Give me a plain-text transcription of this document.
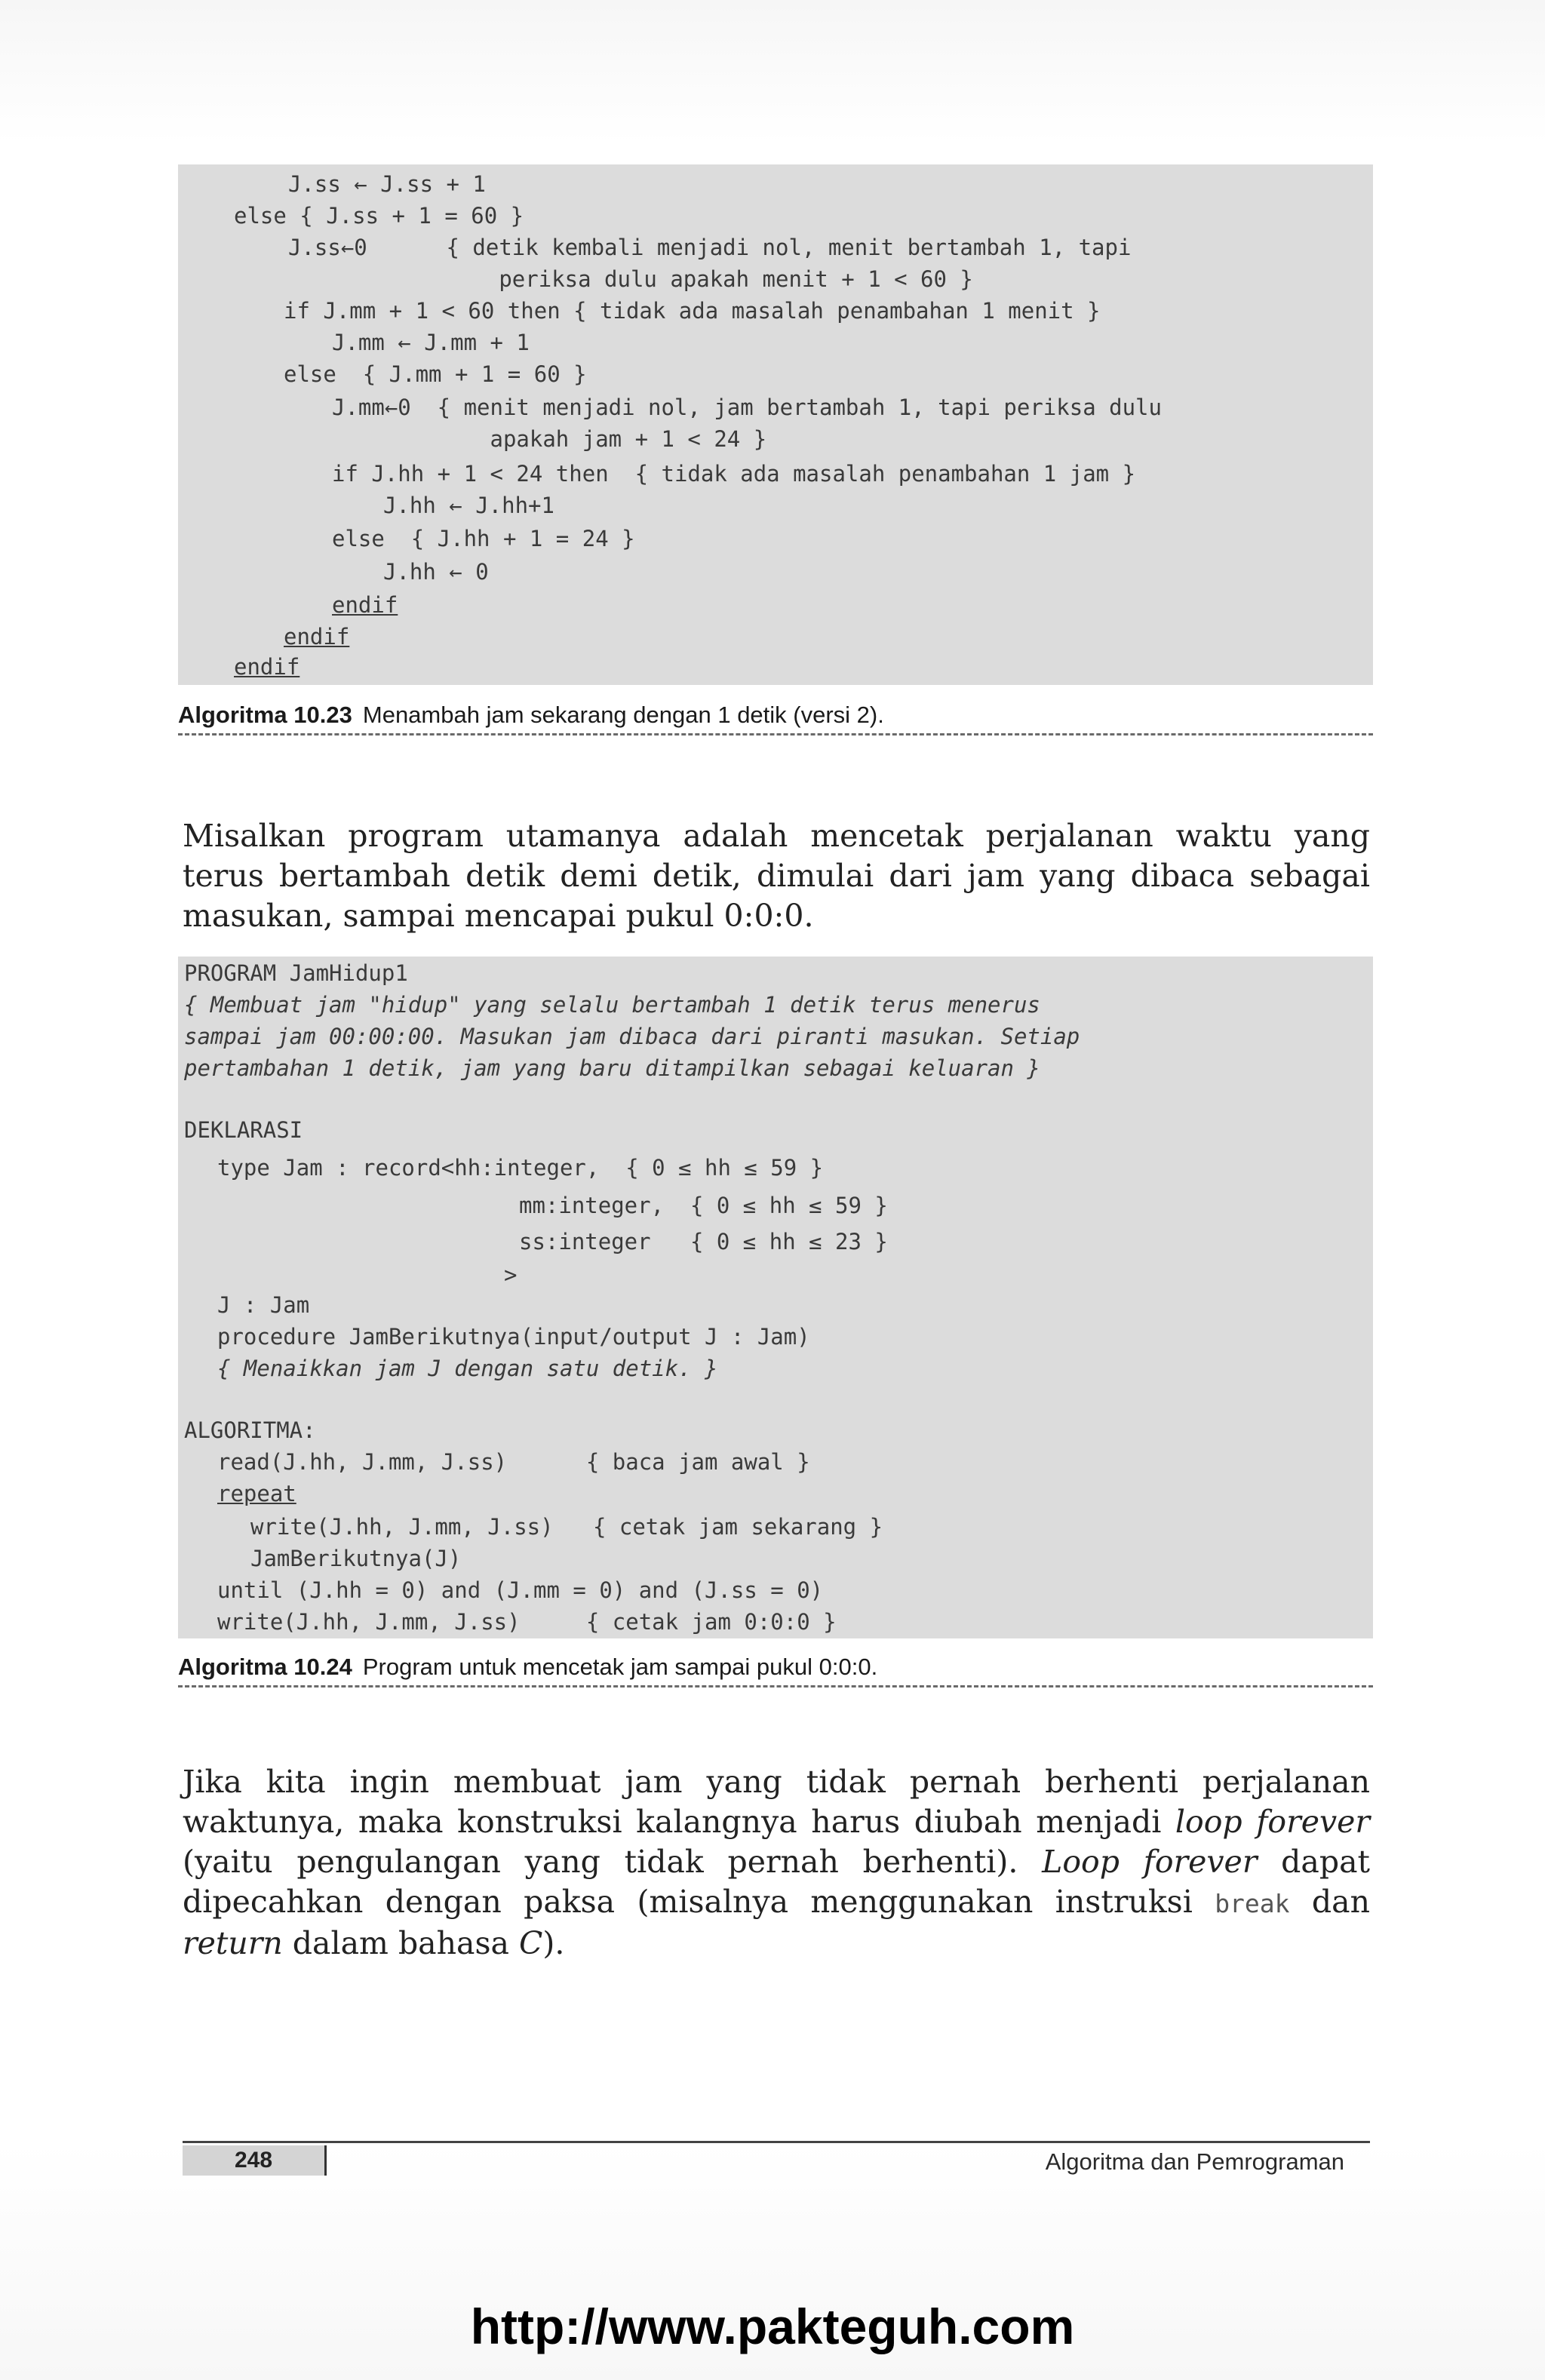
J.ss ← J.ss + 1
else { J.ss + 1 = 60 }
J.ss←0      { detik kembali menjadi nol, menit bertambah 1, tapi
periksa dulu apakah menit + 1 < 60 }
if J.mm + 1 < 60 then { tidak ada masalah penambahan 1 menit }
J.mm ← J.mm + 1
else  { J.mm + 1 = 60 }
J.mm←0  { menit menjadi nol, jam bertambah 1, tapi periksa dulu
apakah jam + 1 < 24 }
if J.hh + 1 < 24 then  { tidak ada masalah penambahan 1 jam }
J.hh ← J.hh+1
else  { J.hh + 1 = 24 }
J.hh ← 0
endif
endif
endif
Algoritma 10.23 Menambah jam sekarang dengan 1 detik (versi 2).
Misalkan program utamanya adalah mencetak perjalanan waktu yang terus bertambah detik demi detik, dimulai dari jam yang dibaca sebagai masukan, sampai mencapai pukul 0:0:0.
PROGRAM JamHidup1
{ Membuat jam "hidup" yang selalu bertambah 1 detik terus menerus
sampai jam 00:00:00. Masukan jam dibaca dari piranti masukan. Setiap
pertambahan 1 detik, jam yang baru ditampilkan sebagai keluaran }
DEKLARASI
type Jam : record<hh:integer,  { 0 ≤ hh ≤ 59 }
mm:integer,  { 0 ≤ hh ≤ 59 }
ss:integer   { 0 ≤ hh ≤ 23 }
>
J : Jam
procedure JamBerikutnya(input/output J : Jam)
{ Menaikkan jam J dengan satu detik. }
ALGORITMA:
read(J.hh, J.mm, J.ss)      { baca jam awal }
repeat
write(J.hh, J.mm, J.ss)   { cetak jam sekarang }
JamBerikutnya(J)
until (J.hh = 0) and (J.mm = 0) and (J.ss = 0)
write(J.hh, J.mm, J.ss)     { cetak jam 0:0:0 }
Algoritma 10.24 Program untuk mencetak jam sampai pukul 0:0:0.
Jika kita ingin membuat jam yang tidak pernah berhenti perjalanan waktunya, maka konstruksi kalangnya harus diubah menjadi loop forever (yaitu pengulangan yang tidak pernah berhenti). Loop forever dapat dipecahkan dengan paksa (misalnya menggunakan instruksi break dan return dalam bahasa C).
248	Algoritma dan Pemrograman
http://www.pakteguh.com
